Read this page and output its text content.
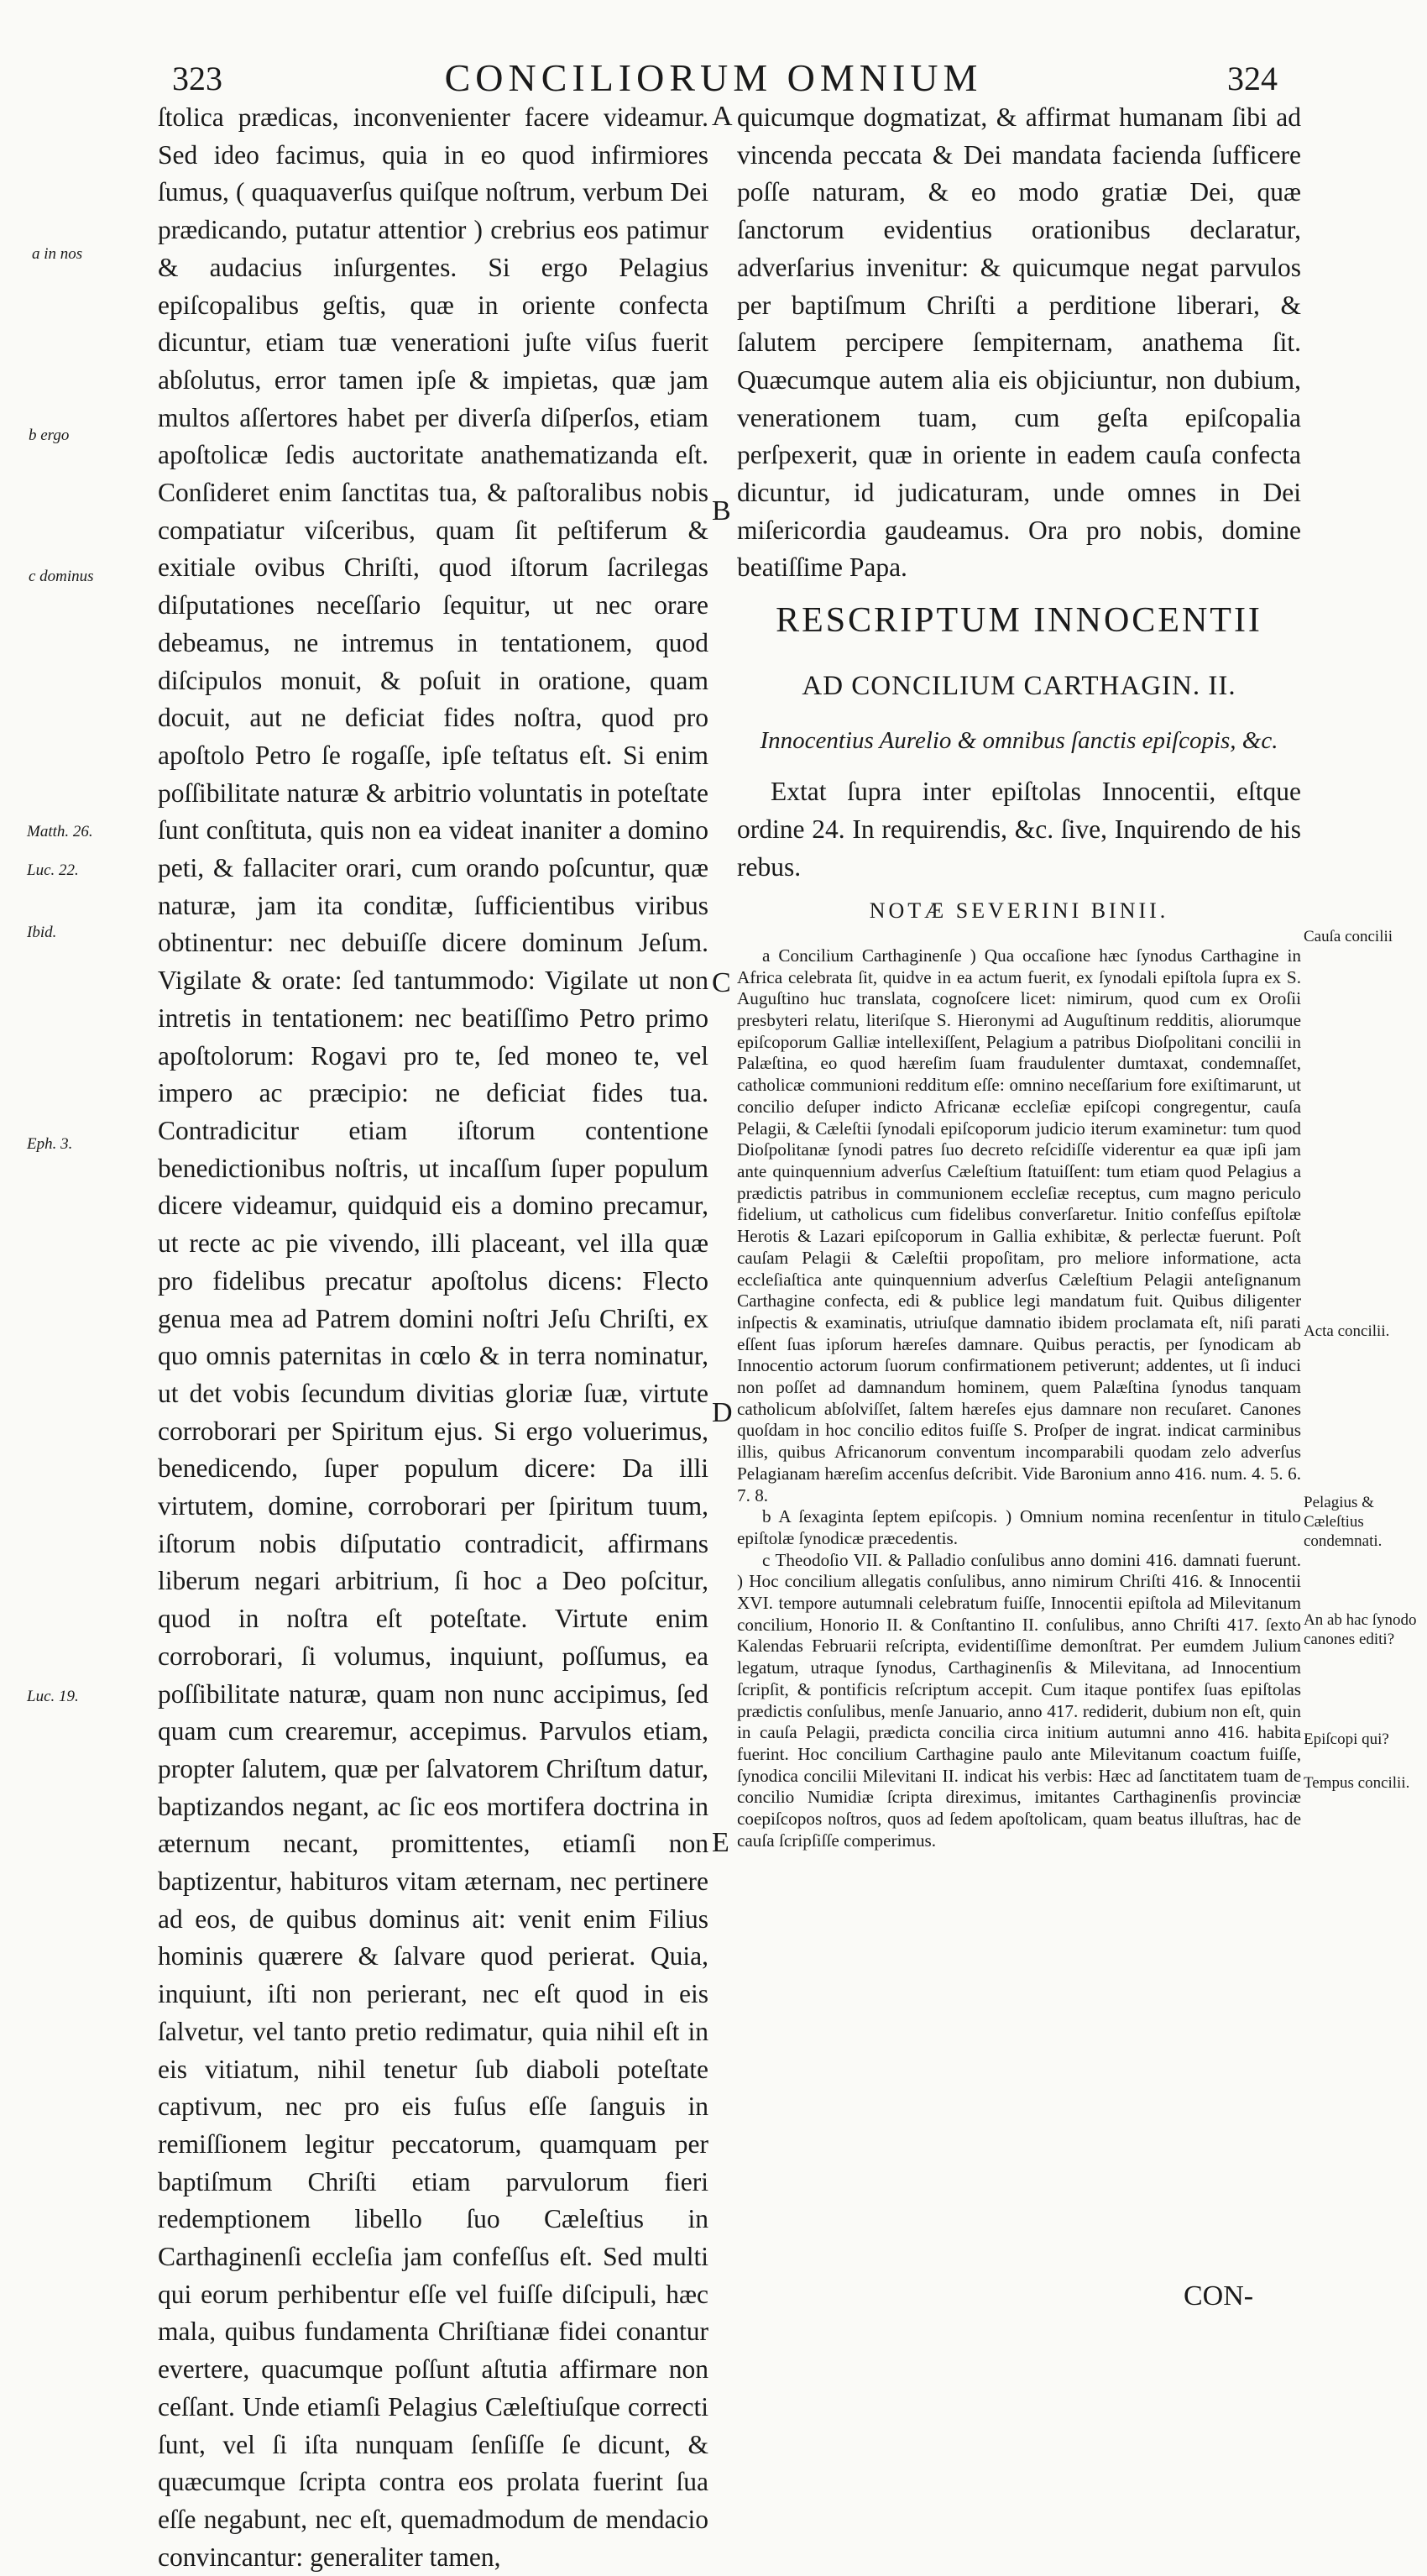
323	CONCILIORUM OMNIUM	324
a in nos
b ergo
c dominus
Matth. 26.
Luc. 22.
Ibid.
Eph. 3.
Luc. 19.
A
B
C
D
E

ſtolica prædicas, inconvenienter facere videamur. Sed ideo facimus, quia in eo quod infirmiores ſumus, ( quaquaverſus quiſque noſtrum, verbum Dei prædicando, putatur attentior ) crebrius eos patimur & audacius inſurgentes. Si ergo Pelagius epiſcopalibus geſtis, quæ in oriente confecta dicuntur, etiam tuæ venerationi juſte viſus fuerit abſolutus, error tamen ipſe & impietas, quæ jam multos aſſertores habet per diverſa diſperſos, etiam apoſtolicæ ſedis auctoritate anathematizanda eſt. Conſideret enim ſanctitas tua, & paſtoralibus nobis compatiatur viſceribus, quam ſit peſtiferum & exitiale ovibus Chriſti, quod iſtorum ſacrilegas diſputationes neceſſario ſequitur, ut nec orare debeamus, ne intremus in tentationem, quod diſcipulos monuit, & poſuit in oratione, quam docuit, aut ne deficiat fides noſtra, quod pro apoſtolo Petro ſe rogaſſe, ipſe teſtatus eſt. Si enim poſſibilitate naturæ & arbitrio voluntatis in poteſtate ſunt conſtituta, quis non ea videat inaniter a domino peti, & fallaciter orari, cum orando poſcuntur, quæ naturæ, jam ita conditæ, ſufficientibus viribus obtinentur: nec debuiſſe dicere dominum Jeſum. Vigilate & orate: ſed tantummodo: Vigilate ut non intretis in tentationem: nec beatiſſimo Petro primo apoſtolorum: Rogavi pro te, ſed moneo te, vel impero ac præcipio: ne deficiat fides tua. Contradicitur etiam iſtorum contentione benedictionibus noſtris, ut incaſſum ſuper populum dicere videamur, quidquid eis a domino precamur, ut recte ac pie vivendo, illi placeant, vel illa quæ pro fidelibus precatur apoſtolus dicens: Flecto genua mea ad Patrem domini noſtri Jeſu Chriſti, ex quo omnis paternitas in cœlo & in terra nominatur, ut det vobis ſecundum divitias gloriæ ſuæ, virtute corroborari per Spiritum ejus. Si ergo voluerimus, benedicendo, ſuper populum dicere: Da illi virtutem, domine, corroborari per ſpiritum tuum, iſtorum nobis diſputatio contradicit, affirmans liberum negari arbitrium, ſi hoc a Deo poſcitur, quod in noſtra eſt poteſtate. Virtute enim corroborari, ſi volumus, inquiunt, poſſumus, ea poſſibilitate naturæ, quam non nunc accipimus, ſed quam cum crearemur, accepimus. Parvulos etiam, propter ſalutem, quæ per ſalvatorem Chriſtum datur, baptizandos negant, ac ſic eos mortifera doctrina in æternum necant, promittentes, etiamſi non baptizentur, habituros vitam æternam, nec pertinere ad eos, de quibus dominus ait: venit enim Filius hominis quærere & ſalvare quod perierat. Quia, inquiunt, iſti non perierant, nec eſt quod in eis ſalvetur, vel tanto pretio redimatur, quia nihil eſt in eis vitiatum, nihil tenetur ſub diaboli poteſtate captivum, nec pro eis fuſus eſſe ſanguis in remiſſionem legitur peccatorum, quamquam per baptiſmum Chriſti etiam parvulorum fieri redemptionem libello ſuo Cæleſtius in Carthaginenſi eccleſia jam confeſſus eſt. Sed multi qui eorum perhibentur eſſe vel fuiſſe diſcipuli, hæc mala, quibus fundamenta Chriſtianæ fidei conantur evertere, quacumque poſſunt aſtutia affirmare non ceſſant. Unde etiamſi Pelagius Cæleſtiuſque correcti ſunt, vel ſi iſta nunquam ſenſiſſe ſe dicunt, & quæcumque ſcripta contra eos prolata fuerint ſua eſſe negabunt, nec eſt, quemadmodum de mendacio convincantur: generaliter tamen,

quicumque dogmatizat, & affirmat humanam ſibi ad vincenda peccata & Dei mandata facienda ſufficere poſſe naturam, & eo modo gratiæ Dei, quæ ſanctorum evidentius orationibus declaratur, adverſarius invenitur: & quicumque negat parvulos per baptiſmum Chriſti a perditione liberari, & ſalutem percipere ſempiternam, anathema ſit. Quæcumque autem alia eis objiciuntur, non dubium, venerationem tuam, cum geſta epiſcopalia perſpexerit, quæ in oriente in eadem cauſa confecta dicuntur, id judicaturam, unde omnes in Dei miſericordia gaudeamus. Ora pro nobis, domine beatiſſime Papa.

RESCRIPTUM INNOCENTII
AD CONCILIUM CARTHAGIN. II.
Innocentius Aurelio & omnibus ſanctis epiſcopis, &c.

Extat ſupra inter epiſtolas Innocentii, eſtque ordine 24. In requirendis, &c. ſive, Inquirendo de his rebus.

NOTÆ SEVERINI BINII.

a Concilium Carthaginenſe ) Qua occaſione hæc ſynodus Carthagine in Africa celebrata ſit, quidve in ea actum fuerit, ex ſynodali epiſtola ſupra ex S. Auguſtino huc translata, cognoſcere licet: nimirum, quod cum ex Oroſii presbyteri relatu, literiſque S. Hieronymi ad Auguſtinum redditis, aliorumque epiſcoporum Galliæ intellexiſſent, Pelagium a patribus Dioſpolitani concilii in Palæſtina, eo quod hæreſim ſuam fraudulenter dumtaxat, condemnaſſet, catholicæ communioni redditum eſſe: omnino neceſſarium fore exiſtimarunt, ut concilio deſuper indicto Africanæ eccleſiæ epiſcopi congregentur, cauſa Pelagii, & Cæleſtii ſynodali epiſcoporum judicio iterum examinetur: tum quod Dioſpolitanæ ſynodi patres ſuo decreto reſcidiſſe viderentur ea quæ ipſi jam ante quinquennium adverſus Cæleſtium ſtatuiſſent: tum etiam quod Pelagius a prædictis patribus in communionem eccleſiæ receptus, cum magno periculo fidelium, ut catholicus cum fidelibus converſaretur. Initio confeſſus epiſtolæ Herotis & Lazari epiſcoporum in Gallia exhibitæ, & perlectæ fuerunt. Poſt cauſam Pelagii & Cæleſtii propoſitam, pro meliore informatione, acta eccleſiaſtica ante quinquennium adverſus Cæleſtium Pelagii anteſignanum Carthagine confecta, edi & publice legi mandatum fuit. Quibus diligenter inſpectis & examinatis, utriuſque damnatio ibidem proclamata eſt, niſi parati eſſent ſuas ipſorum hæreſes damnare. Quibus peractis, per ſynodicam ab Innocentio actorum ſuorum confirmationem petiverunt; addentes, ut ſi induci non poſſet ad damnandum hominem, quem Palæſtina ſynodus tanquam catholicum abſolviſſet, ſaltem hæreſes ejus damnare non recuſaret. Canones quoſdam in hoc concilio editos fuiſſe S. Proſper de ingrat. indicat carminibus illis, quibus Africanorum conventum incomparabili quodam zelo adverſus Pelagianam hæreſim accenſus deſcribit. Vide Baronium anno 416. num. 4. 5. 6. 7. 8.

b A ſexaginta ſeptem epiſcopis. ) Omnium nomina recenſentur in titulo epiſtolæ ſynodicæ præcedentis.

c Theodoſio VII. & Palladio conſulibus anno domini 416. damnati fuerunt. ) Hoc concilium allegatis conſulibus, anno nimirum Chriſti 416. & Innocentii XVI. tempore autumnali celebratum fuiſſe, Innocentii epiſtola ad Milevitanum concilium, Honorio II. & Conſtantino II. conſulibus, anno Chriſti 417. ſexto Kalendas Februarii reſcripta, evidentiſſime demonſtrat. Per eumdem Julium legatum, utraque ſynodus, Carthaginenſis & Milevitana, ad Innocentium ſcripſit, & pontificis reſcriptum accepit. Cum itaque pontifex ſuas epiſtolas prædictis conſulibus, menſe Januario, anno 417. rediderit, dubium non eſt, quin in cauſa Pelagii, prædicta concilia circa initium autumni anno 416. habita fuerint. Hoc concilium Carthagine paulo ante Milevitanum coactum fuiſſe, ſynodica concilii Milevitani II. indicat his verbis: Hæc ad ſanctitatem tuam de concilio Numidiæ ſcripta direximus, imitantes Carthaginenſis provinciæ coepiſcopos noſtros, quos ad ſedem apoſtolicam, quam beatus illuſtras, hac de cauſa ſcripſiſſe comperimus.

Cauſa concilii
Acta concilii.
Pelagius & Cæleſtius condemnati.
An ab hac ſynodo canones editi?
Epiſcopi qui?
Tempus concilii.
CON-
